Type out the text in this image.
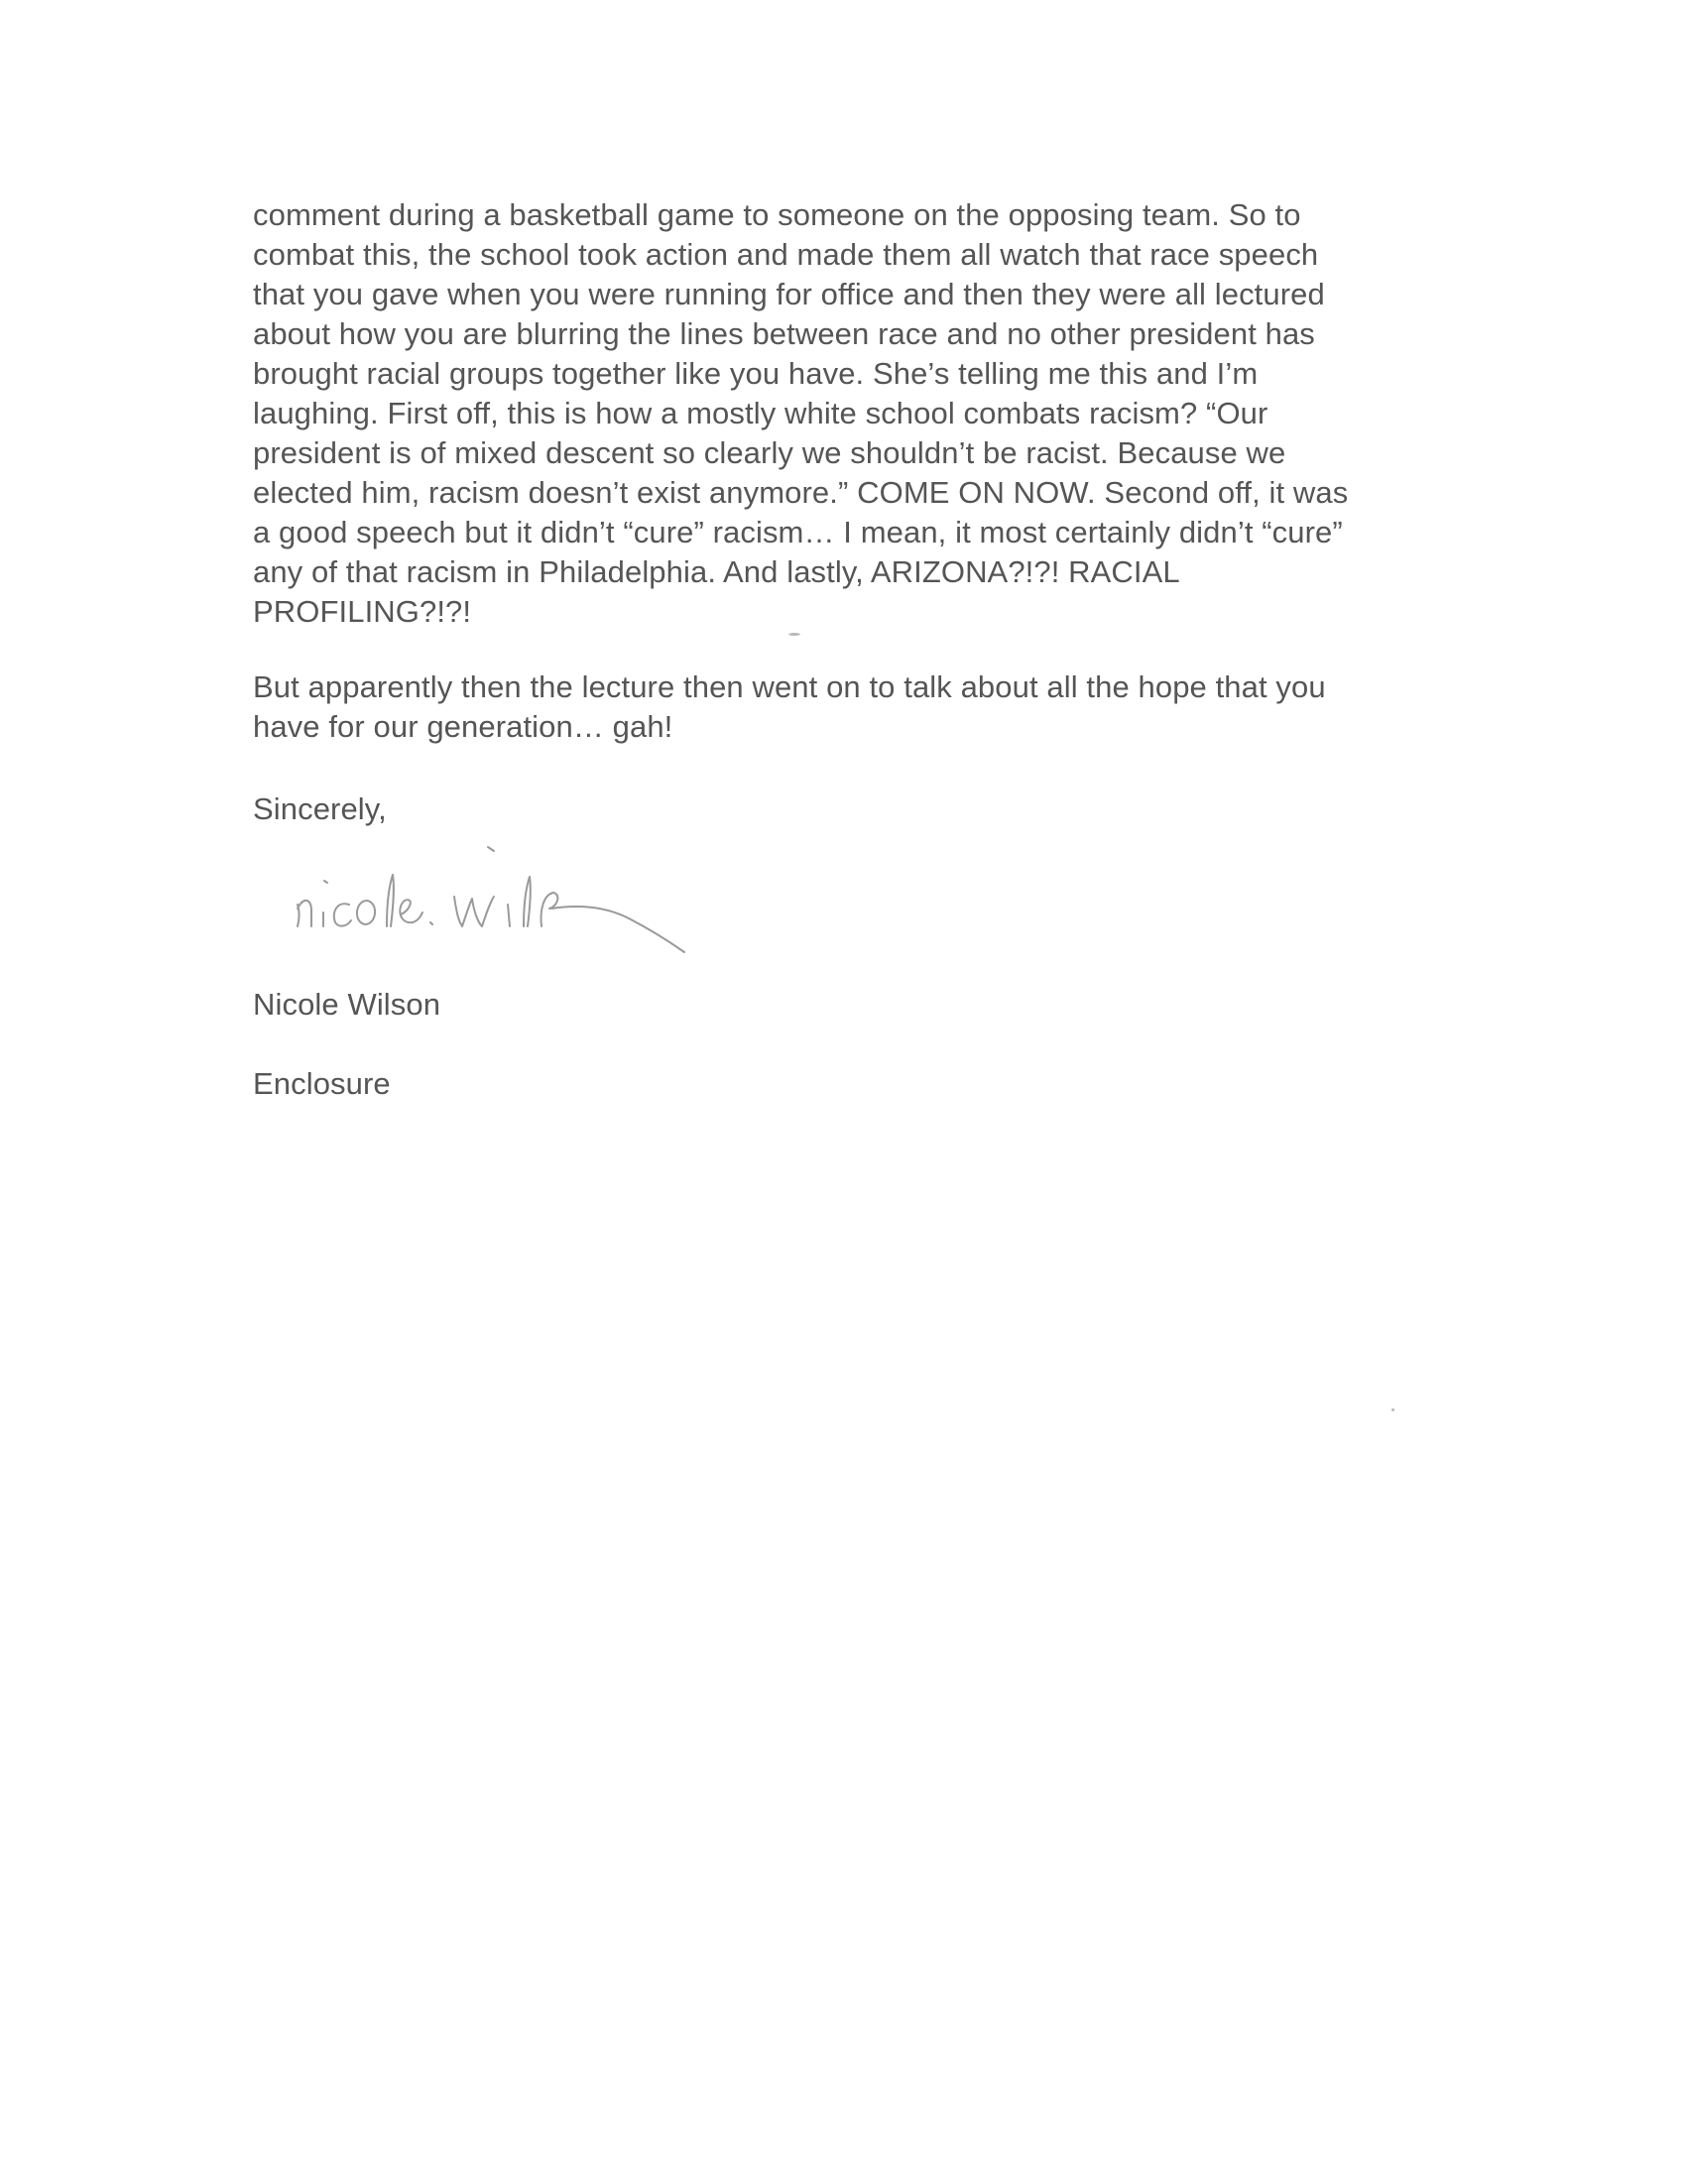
comment during a basketball game to someone on the opposing team. So to
combat this, the school took action and made them all watch that race speech
that you gave when you were running for office and then they were all lectured
about how you are blurring the lines between race and no other president has
brought racial groups together like you have. She’s telling me this and I’m
laughing. First off, this is how a mostly white school combats racism? “Our
president is of mixed descent so clearly we shouldn’t be racist. Because we
elected him, racism doesn’t exist anymore.” COME ON NOW. Second off, it was
a good speech but it didn’t “cure” racism… I mean, it most certainly didn’t “cure”
any of that racism in Philadelphia. And lastly, ARIZONA?!?! RACIAL
PROFILING?!?!
But apparently then the lecture then went on to talk about all the hope that you
have for our generation… gah!

Sincerely,

Nicole Wilson

Enclosure
